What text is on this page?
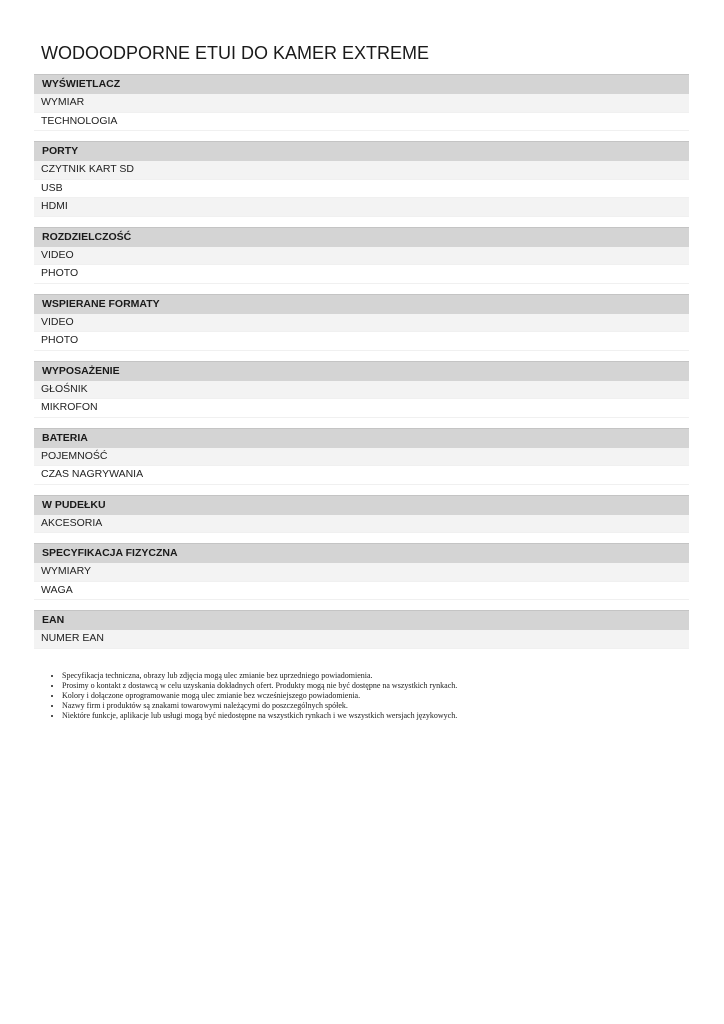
WODOODPORNE ETUI DO KAMER EXTREME
WYŚWIETLACZ
WYMIAR
TECHNOLOGIA
PORTY
CZYTNIK KART SD
USB
HDMI
ROZDZIELCZOŚĆ
VIDEO
PHOTO
WSPIERANE FORMATY
VIDEO
PHOTO
WYPOSAŻENIE
GŁOŚNIK
MIKROFON
BATERIA
POJEMNOŚĆ
CZAS NAGRYWANIA
W PUDEŁKU
AKCESORIA
SPECYFIKACJA FIZYCZNA
WYMIARY
WAGA
EAN
NUMER EAN
• Specyfikacja techniczna, obrazy lub zdjęcia mogą ulec zmianie bez uprzedniego powiadomienia.
• Prosimy o kontakt z dostawcą w celu uzyskania dokładnych ofert. Produkty mogą nie być dostępne na wszystkich rynkach.
• Kolory i dołączone oprogramowanie mogą ulec zmianie bez wcześniejszego powiadomienia.
• Nazwy firm i produktów są znakami towarowymi należącymi do poszczególnych spółek.
• Niektóre funkcje, aplikacje lub usługi mogą być niedostępne na wszystkich rynkach i we wszystkich wersjach językowych.
